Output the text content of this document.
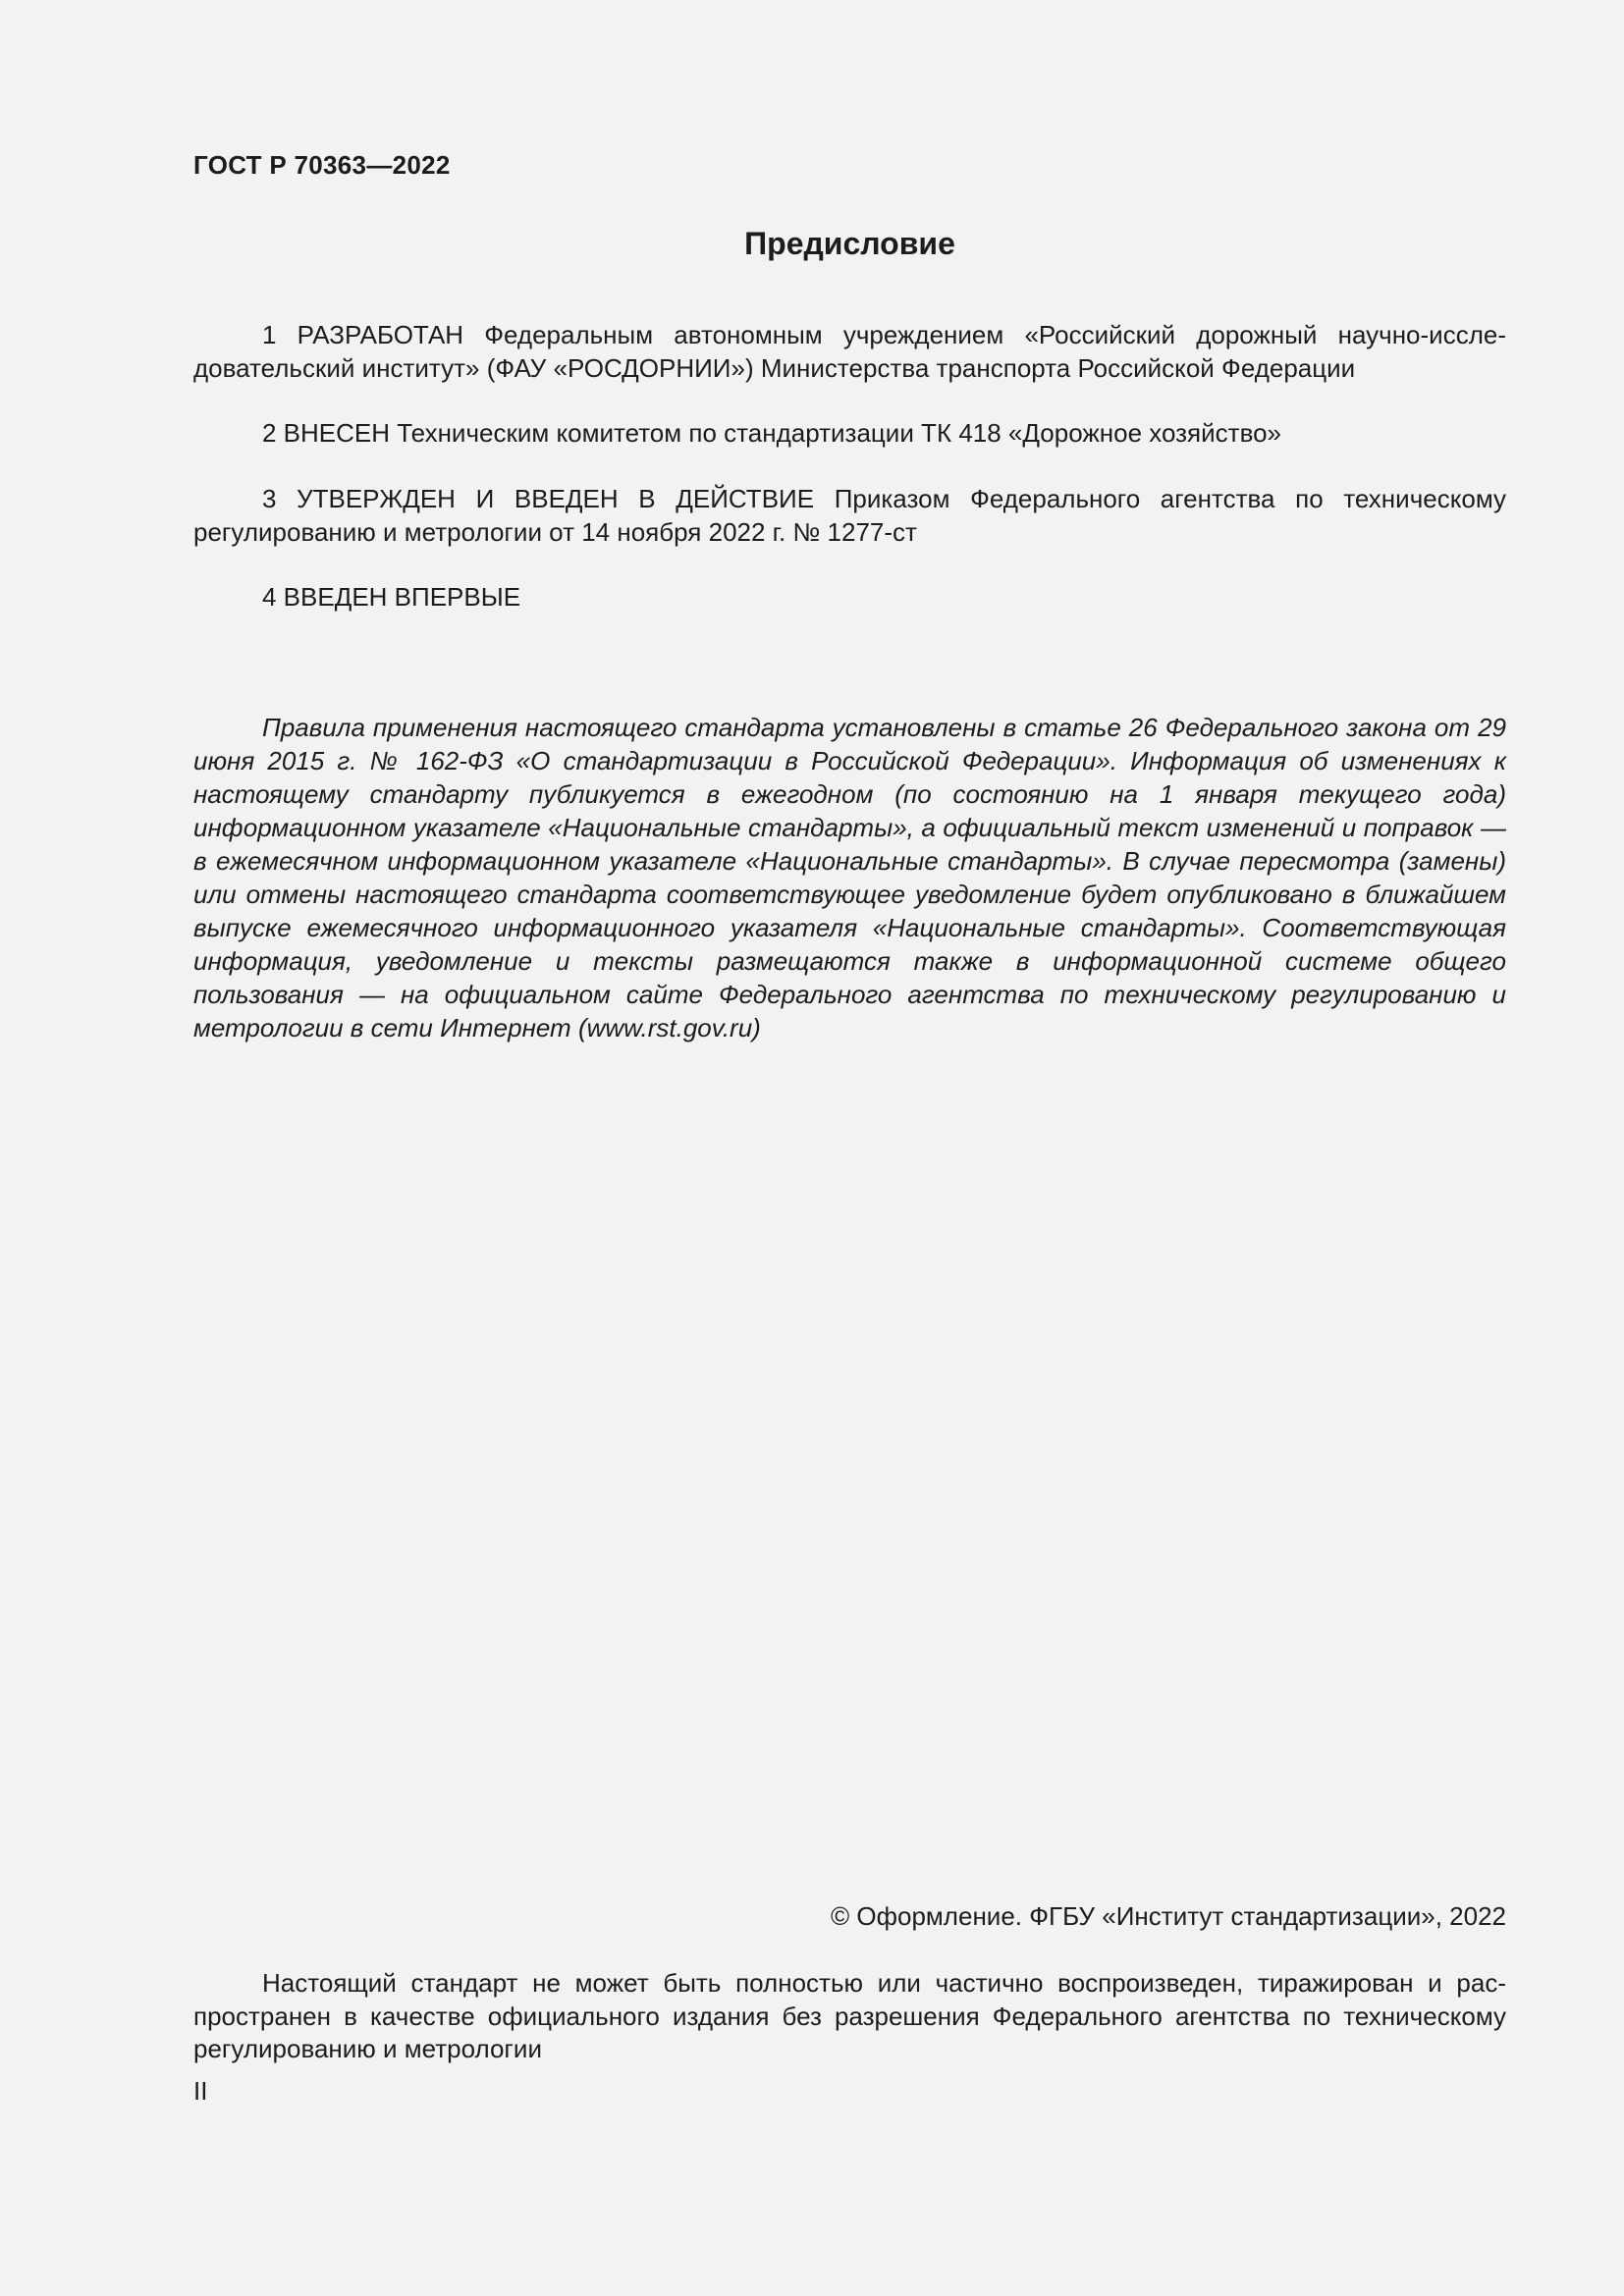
ГОСТ Р 70363—2022
Предисловие
1 РАЗРАБОТАН Федеральным автономным учреждением «Российский дорожный научно-исследовательский институт» (ФАУ «РОСДОРНИИ») Министерства транспорта Российской Федерации
2 ВНЕСЕН Техническим комитетом по стандартизации ТК 418 «Дорожное хозяйство»
3 УТВЕРЖДЕН И ВВЕДЕН В ДЕЙСТВИЕ Приказом Федерального агентства по техническому регулированию и метрологии от 14 ноября 2022 г. № 1277-ст
4 ВВЕДЕН ВПЕРВЫЕ
Правила применения настоящего стандарта установлены в статье 26 Федерального закона от 29 июня 2015 г. № 162-ФЗ «О стандартизации в Российской Федерации». Информация об изменениях к настоящему стандарту публикуется в ежегодном (по состоянию на 1 января текущего года) информационном указателе «Национальные стандарты», а официальный текст изменений и поправок — в ежемесячном информационном указателе «Национальные стандарты». В случае пересмотра (замены) или отмены настоящего стандарта соответствующее уведомление будет опубликовано в ближайшем выпуске ежемесячного информационного указателя «Национальные стандарты». Соответствующая информация, уведомление и тексты размещаются также в информационной системе общего пользования — на официальном сайте Федерального агентства по техническому регулированию и метрологии в сети Интернет (www.rst.gov.ru)
© Оформление. ФГБУ «Институт стандартизации», 2022
Настоящий стандарт не может быть полностью или частично воспроизведен, тиражирован и распространен в качестве официального издания без разрешения Федерального агентства по техническому регулированию и метрологии
II
